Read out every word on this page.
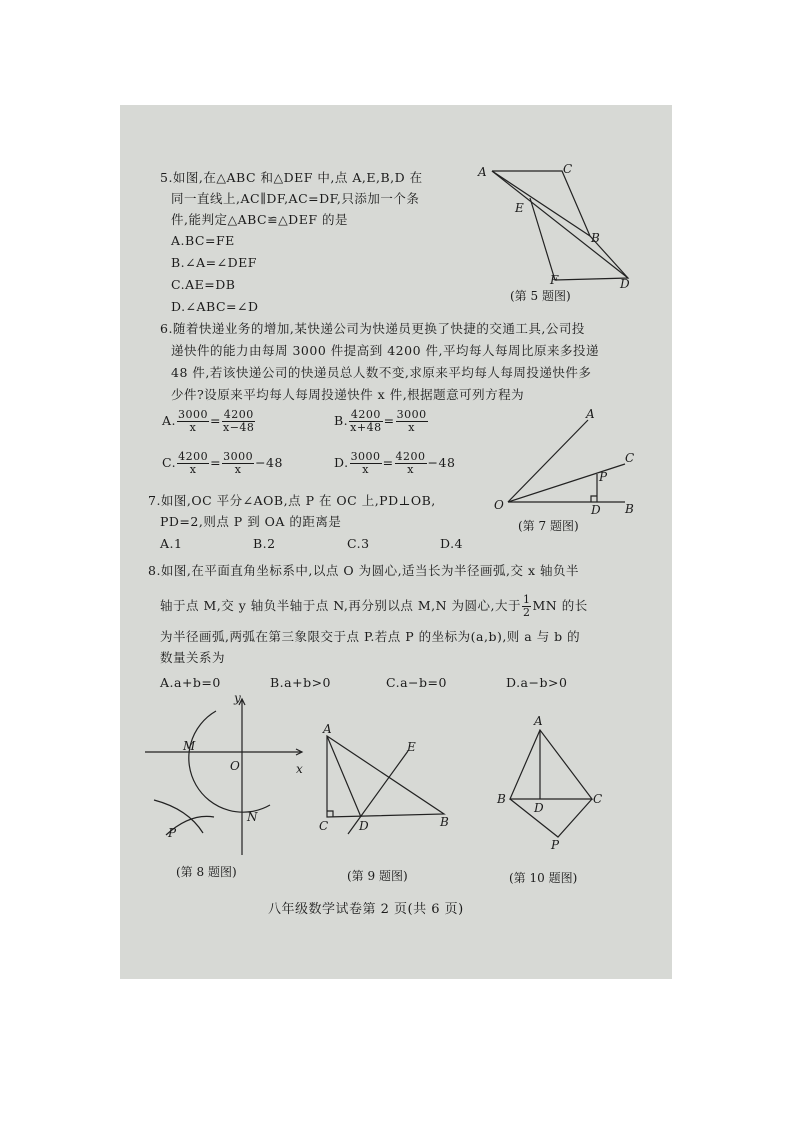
5.如图,在△ABC 和△DEF 中,点 A,E,B,D 在
同一直线上,AC∥DF,AC=DF,只添加一个条
件,能判定△ABC≌△DEF 的是
A.BC=FE
B.∠A=∠DEF
C.AE=DB
D.∠ABC=∠D
A	C
E
B
F	D
(第 5 题图)
6.随着快递业务的增加,某快递公司为快递员更换了快捷的交通工具,公司投
递快件的能力由每周 3000 件提高到 4200 件,平均每人每周比原来多投递
48 件,若该快递公司的快递员总人数不变,求原来平均每人每周投递快件多
少件?设原来平均每人每周投递快件 x 件,根据题意可列方程为
A. $\frac{3000}{x} = \frac{4200}{x-48}$	B. $\frac{4200}{x+48} = \frac{3000}{x}$
C. $\frac{4200}{x} = \frac{3000}{x} -48$	D. $\frac{3000}{x} = \frac{4200}{x} -48$
A
C
P
O	D B
(第 7 题图)
7.如图,OC 平分∠AOB,点 P 在 OC 上,PD⊥OB,
PD=2,则点 P 到 OA 的距离是
A.1	B.2	C.3	D.4
8.如图,在平面直角坐标系中,以点 O 为圆心,适当长为半径画弧,交 x 轴负半
轴于点 M,交 y 轴负半轴于点 N,再分别以点 M,N 为圆心,大于 $\frac{1}{2}$ MN 的长
为半径画弧,两弧在第三象限交于点 P.若点 P 的坐标为(a,b),则 a 与 b 的
数量关系为
A.a+b=0	B.a+b>0	C.a−b=0	D.a−b>0
y
M
O	x
N
P
(第 8 题图)
A
E
C	D	B
(第 9 题图)
A
B
D
C
P
(第 10 题图)
八年级数学试卷第 2 页(共 6 页)
